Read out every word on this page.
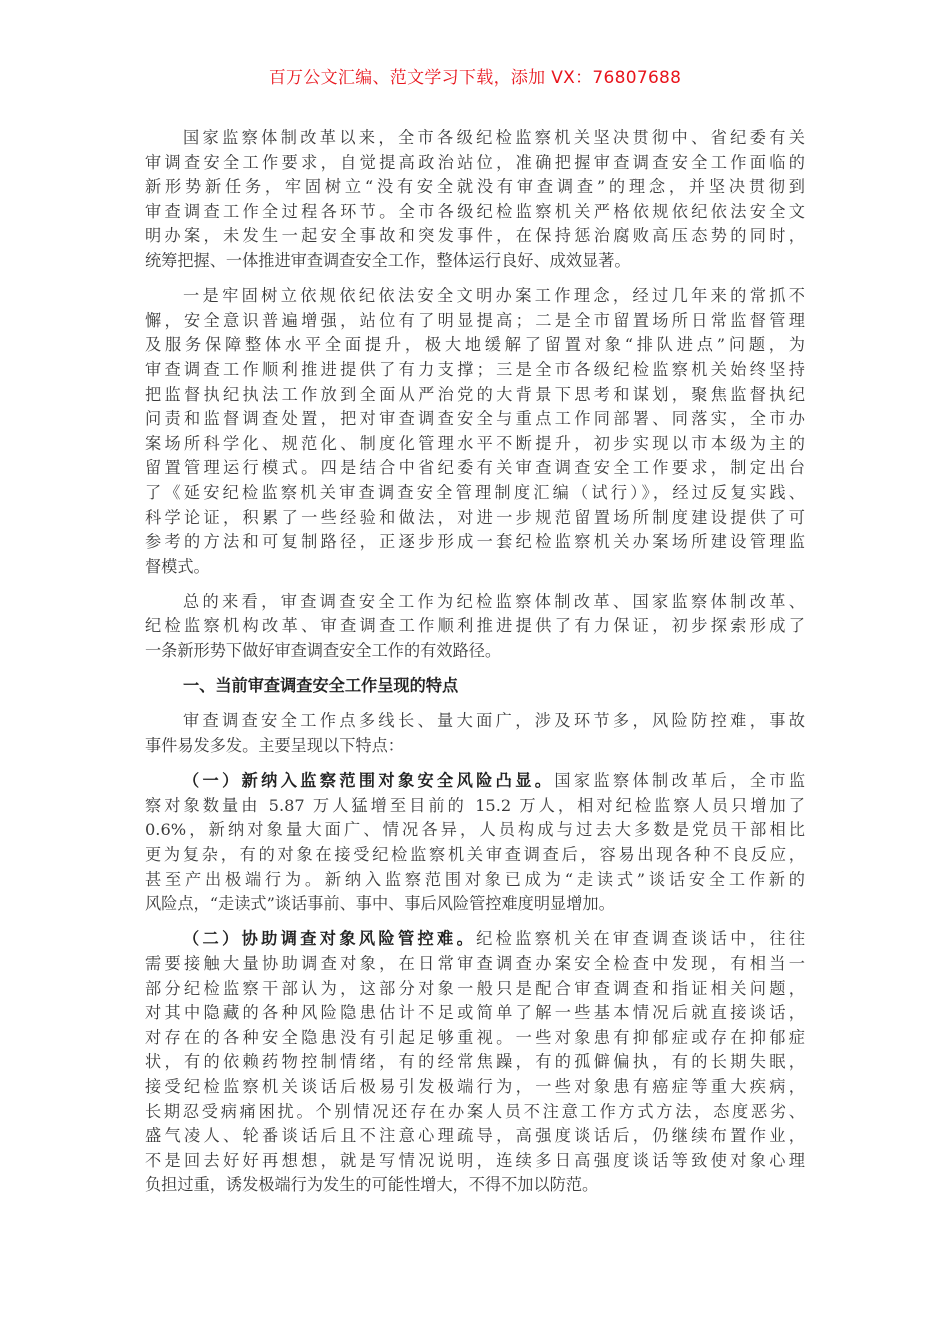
百万公文汇编、范文学习下载，添加 VX：76807688
国家监察体制改革以来，全市各级纪检监察机关坚决贯彻中、省纪委有关
审调查安全工作要求，自觉提高政治站位，准确把握审查调查安全工作面临的
新形势新任务，牢固树立“没有安全就没有审查调查”的理念，并坚决贯彻到
审查调查工作全过程各环节。全市各级纪检监察机关严格依规依纪依法安全文
明办案，未发生一起安全事故和突发事件，在保持惩治腐败高压态势的同时，
统筹把握、一体推进审查调查安全工作，整体运行良好、成效显著。
一是牢固树立依规依纪依法安全文明办案工作理念，经过几年来的常抓不
懈，安全意识普遍增强，站位有了明显提高；二是全市留置场所日常监督管理
及服务保障整体水平全面提升，极大地缓解了留置对象“排队进点”问题，为
审查调查工作顺利推进提供了有力支撑；三是全市各级纪检监察机关始终坚持
把监督执纪执法工作放到全面从严治党的大背景下思考和谋划，聚焦监督执纪
问责和监督调查处置，把对审查调查安全与重点工作同部署、同落实，全市办
案场所科学化、规范化、制度化管理水平不断提升，初步实现以市本级为主的
留置管理运行模式。四是结合中省纪委有关审查调查安全工作要求，制定出台
了《延安纪检监察机关审查调查安全管理制度汇编（试行）》，经过反复实践、
科学论证，积累了一些经验和做法，对进一步规范留置场所制度建设提供了可
参考的方法和可复制路径，正逐步形成一套纪检监察机关办案场所建设管理监
督模式。
总的来看，审查调查安全工作为纪检监察体制改革、国家监察体制改革、
纪检监察机构改革、审查调查工作顺利推进提供了有力保证，初步探索形成了
一条新形势下做好审查调查安全工作的有效路径。
一、当前审查调查安全工作呈现的特点
审查调查安全工作点多线长、量大面广，涉及环节多，风险防控难，事故
事件易发多发。主要呈现以下特点：
（一）新纳入监察范围对象安全风险凸显。国家监察体制改革后，全市监
察对象数量由 5.87 万人猛增至目前的 15.2 万人，相对纪检监察人员只增加了
0.6%，新纳对象量大面广、情况各异，人员构成与过去大多数是党员干部相比
更为复杂，有的对象在接受纪检监察机关审查调查后，容易出现各种不良反应，
甚至产出极端行为。新纳入监察范围对象已成为“走读式”谈话安全工作新的
风险点，“走读式”谈话事前、事中、事后风险管控难度明显增加。
（二）协助调查对象风险管控难。纪检监察机关在审查调查谈话中，往往
需要接触大量协助调查对象，在日常审查调查办案安全检查中发现，有相当一
部分纪检监察干部认为，这部分对象一般只是配合审查调查和指证相关问题，
对其中隐藏的各种风险隐患估计不足或简单了解一些基本情况后就直接谈话，
对存在的各种安全隐患没有引起足够重视。一些对象患有抑郁症或存在抑郁症
状，有的依赖药物控制情绪，有的经常焦躁，有的孤僻偏执，有的长期失眠，
接受纪检监察机关谈话后极易引发极端行为，一些对象患有癌症等重大疾病，
长期忍受病痛困扰。个别情况还存在办案人员不注意工作方式方法，态度恶劣、
盛气凌人、轮番谈话后且不注意心理疏导，高强度谈话后，仍继续布置作业，
不是回去好好再想想，就是写情况说明，连续多日高强度谈话等致使对象心理
负担过重，诱发极端行为发生的可能性增大，不得不加以防范。
